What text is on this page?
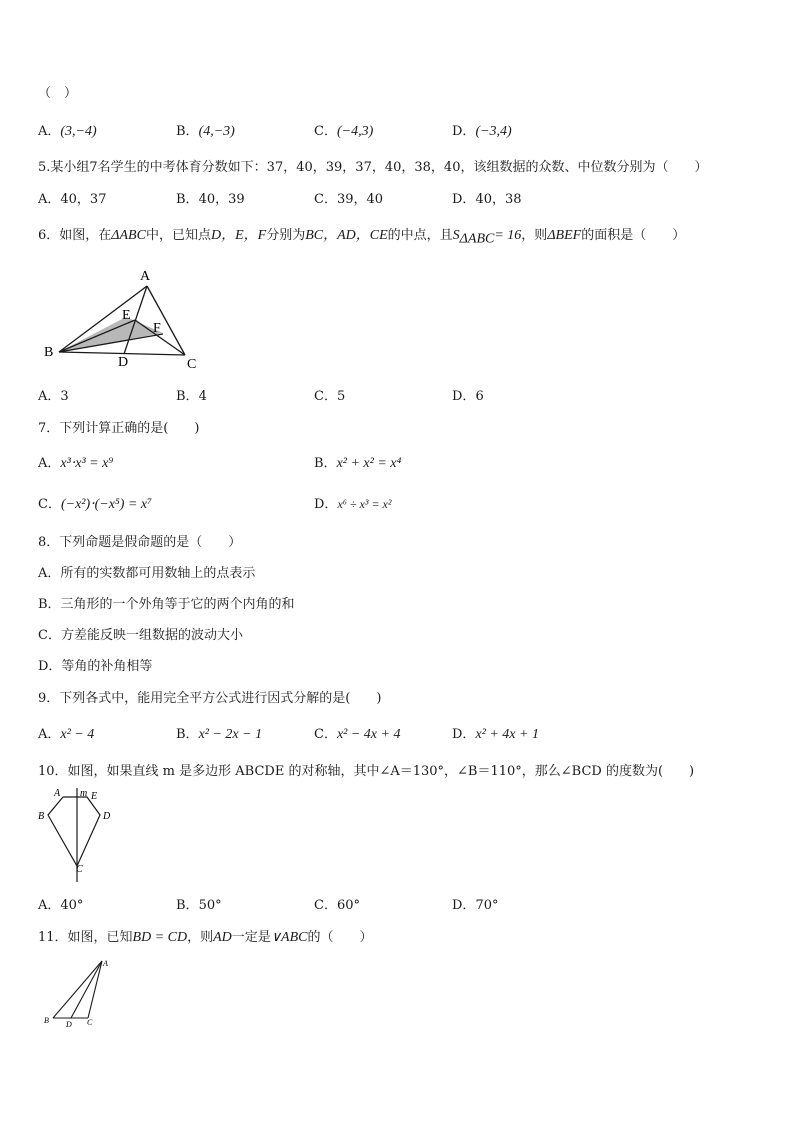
（　）
A．(3,−4)	B．(4,−3)	C．(−4,3)	D．(−3,4)
5.某小组7名学生的中考体育分数如下：37，40，39，37，40，38，40，该组数据的众数、中位数分别为（　　）
A．40，37	B．40，39	C．39，40	D．40，38
6．如图，在ΔABC中，已知点D，E，F分别为BC，AD，CE的中点，且$S_{\Delta ABC}= 16$，则ΔBEF的面积是（　　）
A
E
F
B
D	C
A．3	B．4	C．5	D．6
7．下列计算正确的是(　　)
A．x³⋅x³ = x⁹	B．x² + x² = x⁴
C．(−x²)⋅(−x⁵) = x⁷	D．x⁶ ÷ x³ = x²
8．下列命题是假命题的是（　　）
A．所有的实数都可用数轴上的点表示
B．三角形的一个外角等于它的两个内角的和
C．方差能反映一组数据的波动大小
D．等角的补角相等
9．下列各式中，能用完全平方公式进行因式分解的是(　　)
A．x² − 4	B．x² − 2x − 1	C．x² − 4x + 4	D．x² + 4x + 1
10．如图，如果直线 m 是多边形 ABCDE 的对称轴，其中∠A＝130°，∠B＝110°，那么∠BCD 的度数为(　　)
A m E
B	D
C
A．40°	B．50°	C．60°	D．70°
11．如图，已知BD = CD，则AD一定是∨ABC的（　　）
A
B D C
